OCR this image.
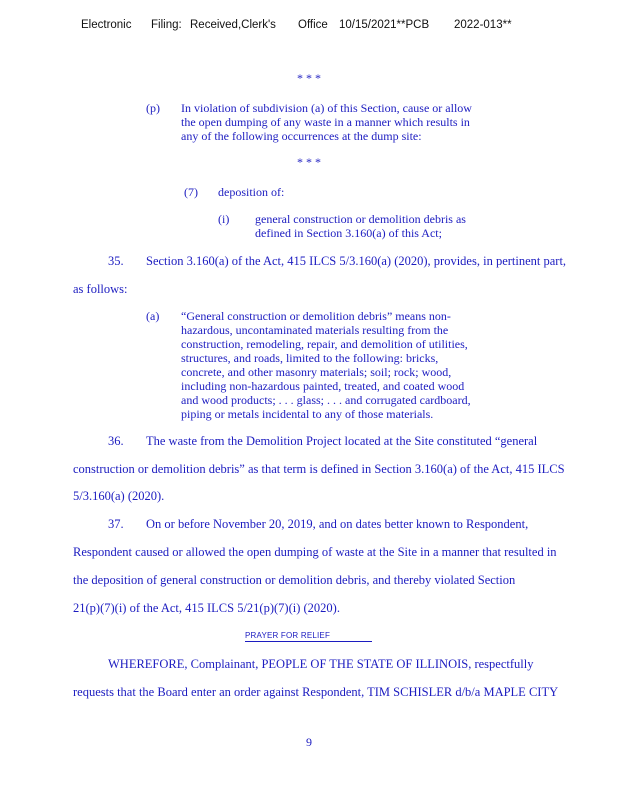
Electronic Filing: Received,Clerk's Office 10/15/2021**PCB 2022-013**
* * *
(p) In violation of subdivision (a) of this Section, cause or allow
the open dumping of any waste in a manner which results in
any of the following occurrences at the dump site:
* * *
(7) deposition of:
(i) general construction or demolition debris as
defined in Section 3.160(a) of this Act;
35. Section 3.160(a) of the Act, 415 ILCS 5/3.160(a) (2020), provides, in pertinent part,
as follows:
(a) “General construction or demolition debris” means non-
hazardous, uncontaminated materials resulting from the
construction, remodeling, repair, and demolition of utilities,
structures, and roads, limited to the following: bricks,
concrete, and other masonry materials; soil; rock; wood,
including non-hazardous painted, treated, and coated wood
and wood products; . . . glass; . . . and corrugated cardboard,
piping or metals incidental to any of those materials.
36. The waste from the Demolition Project located at the Site constituted “general
construction or demolition debris” as that term is defined in Section 3.160(a) of the Act, 415 ILCS
5/3.160(a) (2020).
37. On or before November 20, 2019, and on dates better known to Respondent,
Respondent caused or allowed the open dumping of waste at the Site in a manner that resulted in
the deposition of general construction or demolition debris, and thereby violated Section
21(p)(7)(i) of the Act, 415 ILCS 5/21(p)(7)(i) (2020).
PRAYER FOR RELIEF
WHEREFORE, Complainant, PEOPLE OF THE STATE OF ILLINOIS, respectfully
requests that the Board enter an order against Respondent, TIM SCHISLER d/b/a MAPLE CITY
9
